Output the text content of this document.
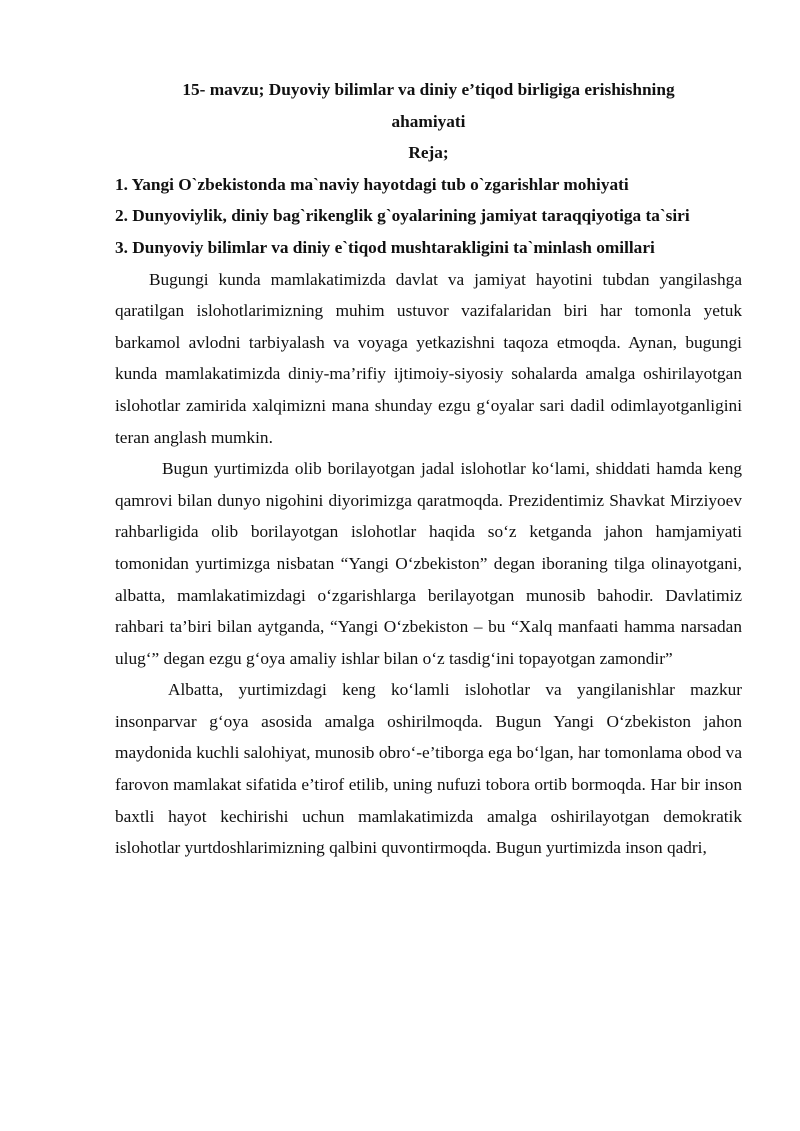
15- mavzu; Duyoviy bilimlar va diniy e’tiqod birligiga erishishning
ahamiyati

Reja;

1. Yangi O`zbekistonda ma`naviy hayotdagi tub o`zgarishlar mohiyati

2. Dunyoviylik, diniy bag`rikenglik g`oyalarining jamiyat taraqqiyotiga ta`siri

3. Dunyoviy bilimlar va diniy e`tiqod mushtarakligini ta`minlash omillari

Bugungi kunda mamlakatimizda davlat va jamiyat hayotini tubdan yangilashga qaratilgan islohotlarimizning muhim ustuvor vazifalaridan biri har tomonla yetuk barkamol avlodni tarbiyalash va voyaga yetkazishni taqoza etmoqda. Aynan, bugungi kunda mamlakatimizda diniy-ma’rifiy ijtimoiy-siyosiy sohalarda amalga oshirilayotgan islohotlar zamirida xalqimizni mana shunday ezgu g‘oyalar sari dadil odimlayotganligini teran anglash mumkin.

Bugun yurtimizda olib borilayotgan jadal islohotlar ko‘lami, shiddati hamda keng qamrovi bilan dunyo nigohini diyorimizga qaratmoqda. Prezidentimiz Shavkat Mirziyoev rahbarligida olib borilayotgan islohotlar haqida so‘z ketganda jahon hamjamiyati tomonidan yurtimizga nisbatan “Yangi O‘zbekiston” degan iboraning tilga olinayotgani, albatta, mamlakatimizdagi o‘zgarishlarga berilayotgan munosib bahodir. Davlatimiz rahbari ta’biri bilan aytganda, “Yangi O‘zbekiston – bu “Xalq manfaati hamma narsadan ulug‘” degan ezgu g‘oya amaliy ishlar bilan o‘z tasdig‘ini topayotgan zamondir”

Albatta, yurtimizdagi keng ko‘lamli islohotlar va yangilanishlar mazkur insonparvar g‘oya asosida amalga oshirilmoqda. Bugun Yangi O‘zbekiston jahon maydonida kuchli salohiyat, munosib obro‘-e’tiborga ega bo‘lgan, har tomonlama obod va farovon mamlakat sifatida e’tirof etilib, uning nufuzi tobora ortib bormoqda. Har bir inson baxtli hayot kechirishi uchun mamlakatimizda amalga oshirilayotgan demokratik islohotlar yurtdoshlarimizning qalbini quvontirmoqda. Bugun yurtimizda inson qadri,
